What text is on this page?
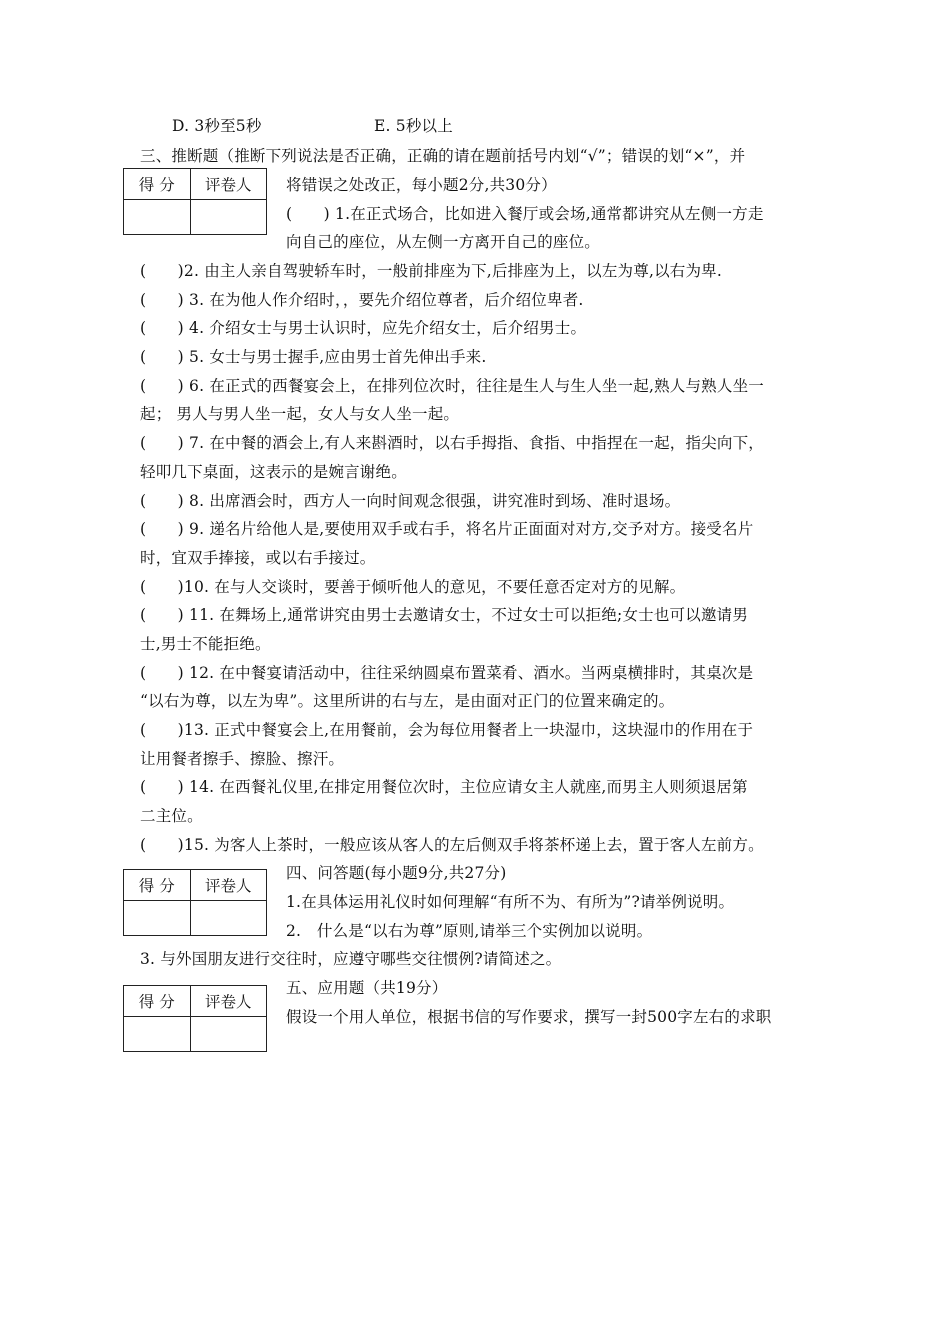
D. 3秒至5秒	E. 5秒以上
三、推断题（推断下列说法是否正确，正确的请在题前括号内划“√”；错误的划“×”，并
得 分	评卷人
	将错误之处改正，每小题2分,共30分）
(　　) 1.在正式场合，比如进入餐厅或会场,通常都讲究从左侧一方走
向自己的座位，从左侧一方离开自己的座位。
(　　)2. 由主人亲自驾驶轿车时，一般前排座为下,后排座为上，以左为尊,以右为卑.
(　　) 3. 在为他人作介绍时，，要先介绍位尊者，后介绍位卑者.
(　　) 4. 介绍女士与男士认识时，应先介绍女士，后介绍男士。
(　　) 5. 女士与男士握手,应由男士首先伸出手来.
(　　) 6. 在正式的西餐宴会上，在排列位次时，往往是生人与生人坐一起,熟人与熟人坐一
起； 男人与男人坐一起，女人与女人坐一起。
(　　) 7. 在中餐的酒会上,有人来斟酒时，以右手拇指、食指、中指捏在一起，指尖向下，
轻叩几下桌面，这表示的是婉言谢绝。
(　　) 8. 出席酒会时，西方人一向时间观念很强，讲究准时到场、准时退场。
(　　) 9. 递名片给他人是,要使用双手或右手，将名片正面面对对方,交予对方。接受名片
时，宜双手捧接，或以右手接过。
(　　)10. 在与人交谈时，要善于倾听他人的意见，不要任意否定对方的见解。
(　　) 11. 在舞场上,通常讲究由男士去邀请女士，不过女士可以拒绝;女士也可以邀请男
士,男士不能拒绝。
(　　) 12. 在中餐宴请活动中，往往采纳圆桌布置菜肴、酒水。当两桌横排时，其桌次是
“以右为尊，以左为卑”。这里所讲的右与左，是由面对正门的位置来确定的。
(　　)13. 正式中餐宴会上,在用餐前，会为每位用餐者上一块湿巾，这块湿巾的作用在于
让用餐者擦手、擦脸、擦汗。
(　　) 14. 在西餐礼仪里,在排定用餐位次时，主位应请女主人就座,而男主人则须退居第
二主位。
(　　)15. 为客人上茶时，一般应该从客人的左后侧双手将茶杯递上去，置于客人左前方。
得 分	评卷人

四、问答题(每小题9分,共27分)
1.在具体运用礼仪时如何理解“有所不为、有所为”?请举例说明。
2.　什么是“以右为尊”原则,请举三个实例加以说明。
3. 与外国朋友进行交往时，应遵守哪些交往惯例?请简述之。
得 分	评卷人

五、应用题（共19分）
假设一个用人单位，根据书信的写作要求，撰写一封500字左右的求职
